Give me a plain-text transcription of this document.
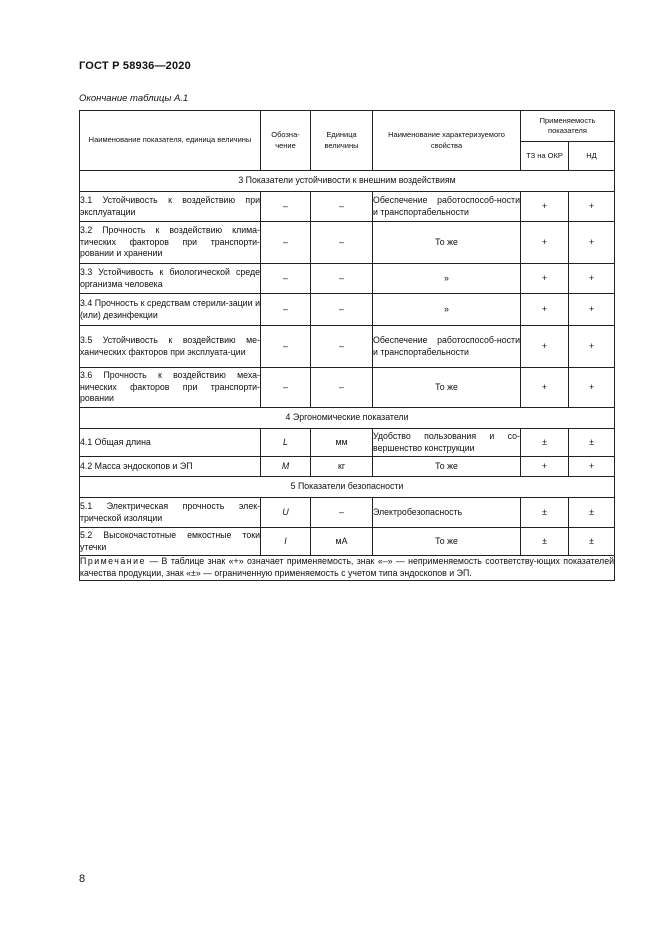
ГОСТ Р 58936—2020
Окончание таблицы А.1
Наименование показателя, единица величины	Обозна-чение	Единица величины	Наименование характеризуемого свойства	Применяемость показателя	
				ТЗ на ОКР	НД
3 Показатели устойчивости к внешним воздействиям					
3.1 Устойчивость к воздействию при эксплуатации	–	–	Обеспечение работоспособ-ности и транспортабельности	+	+
3.2 Прочность к воздействию клима-тических факторов при транспорти-ровании и хранении	–	–	То же	+	+
3.3 Устойчивость к биологической среде организма человека	–	–	»	+	+
3.4 Прочность к средствам стерили-зации и (или) дезинфекции	–	–	»	+	+
3.5 Устойчивость к воздействию ме-ханических факторов при эксплуата-ции	–	–	Обеспечение работоспособ-ности и транспортабельности	+	+
3.6 Прочность к воздействию меха-нических факторов при транспорти-ровании	–	–	То же	+	+
4 Эргономические показатели					
4.1 Общая длина	L	мм	Удобство пользования и со-вершенство конструкции	±	±
4.2 Масса эндоскопов и ЭП	M	кг	То же	+	+
5 Показатели безопасности					
5.1 Электрическая прочность элек-трической изоляции	U	–	Электробезопасность	±	±
5.2 Высокочастотные емкостные токи утечки	I	мА	То же	±	±
Примечание — В таблице знак «+» означает применяемость, знак «–» — неприменяемость соответству-ющих показателей качества продукции, знак «±» — ограниченную применяемость с учетом типа эндоскопов и ЭП.					
8
